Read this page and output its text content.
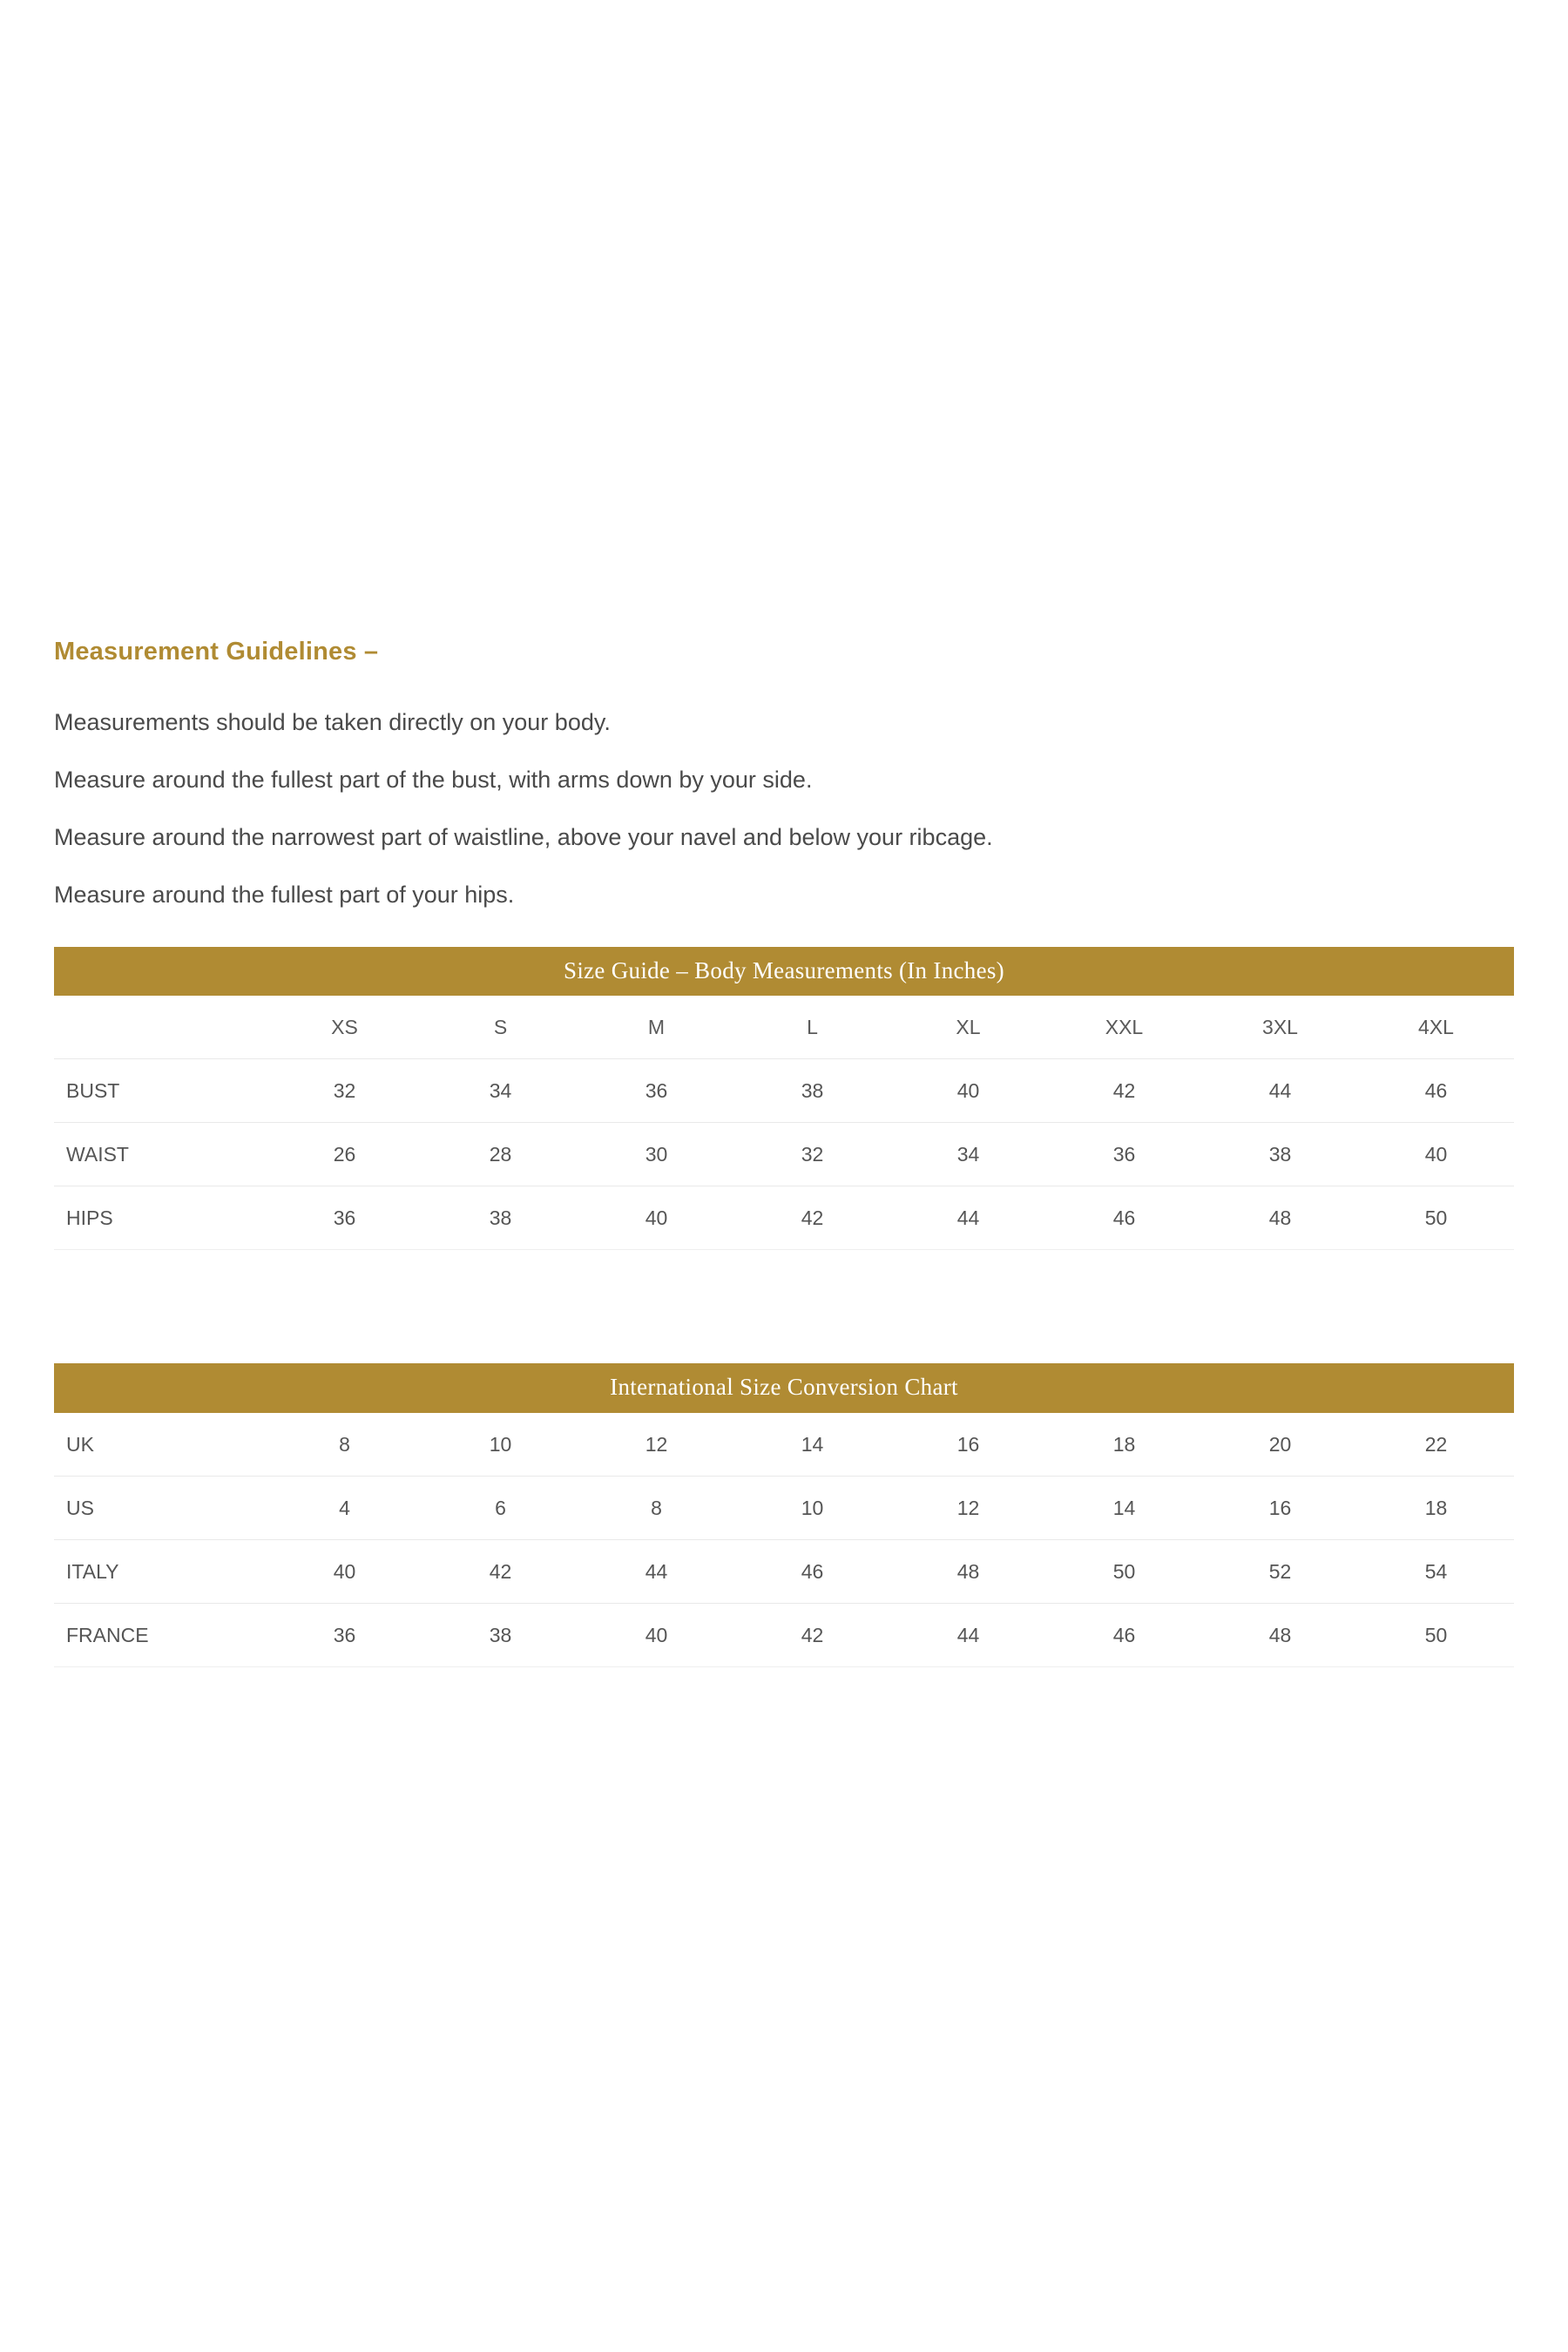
Measurement Guidelines –

Measurements should be taken directly on your body.

Measure around the fullest part of the bust, with arms down by your side.

Measure around the narrowest part of waistline, above your navel and below your ribcage.

Measure around the fullest part of your hips.

Size Guide – Body Measurements (In Inches)
	XS	S	M	L	XL	XXL	3XL	4XL
BUST	32	34	36	38	40	42	44	46
WAIST	26	28	30	32	34	36	38	40
HIPS	36	38	40	42	44	46	48	50
International Size Conversion Chart
UK	8	10	12	14	16	18	20	22
US	4	6	8	10	12	14	16	18
ITALY	40	42	44	46	48	50	52	54
FRANCE	36	38	40	42	44	46	48	50
